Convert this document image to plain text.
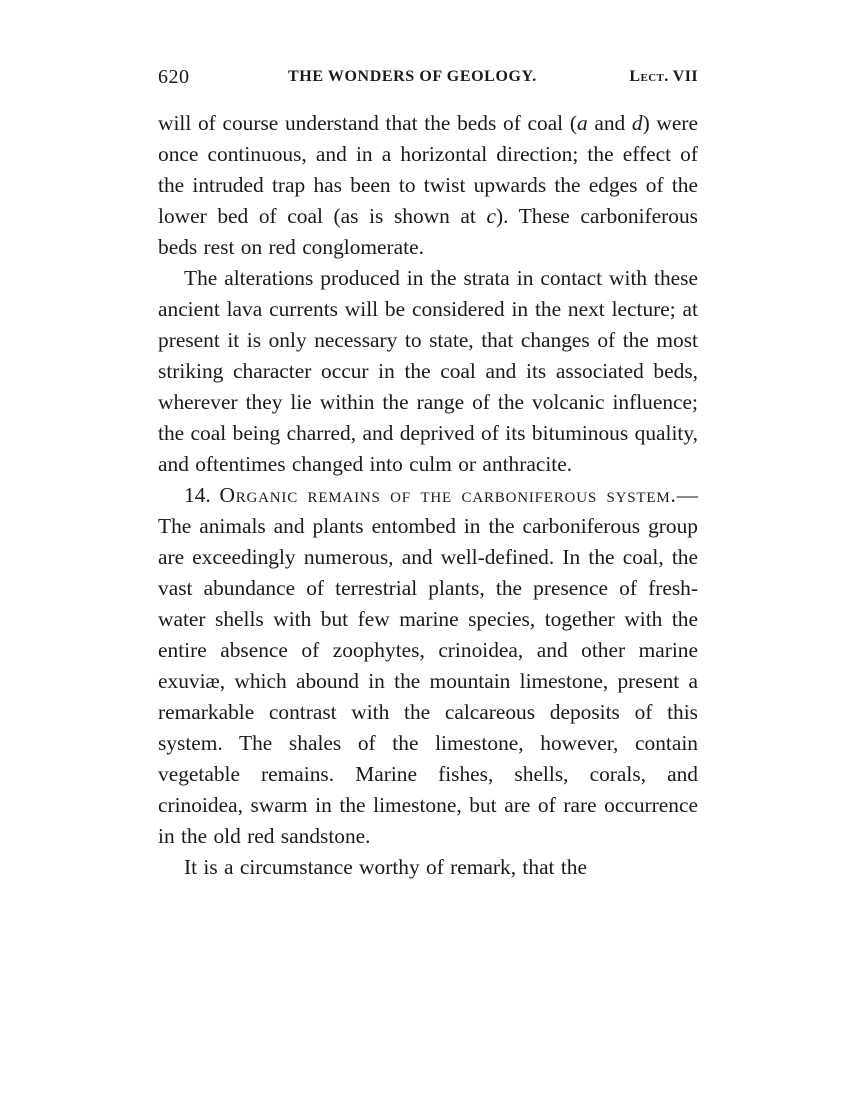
620	THE WONDERS OF GEOLOGY.	Lect. VII

will of course understand that the beds of coal (a and d) were once continuous, and in a horizontal direction; the effect of the intruded trap has been to twist upwards the edges of the lower bed of coal (as is shown at c). These carboniferous beds rest on red conglomerate.

The alterations produced in the strata in contact with these ancient lava currents will be considered in the next lecture; at present it is only necessary to state, that changes of the most striking character occur in the coal and its associated beds, wherever they lie within the range of the volcanic influence; the coal being charred, and deprived of its bituminous quality, and oftentimes changed into culm or anthracite.

14. Organic remains of the carboniferous system.—The animals and plants entombed in the carboniferous group are exceedingly numerous, and well-defined. In the coal, the vast abundance of terrestrial plants, the presence of fresh-water shells with but few marine species, together with the entire absence of zoophytes, crinoidea, and other marine exuviæ, which abound in the mountain limestone, present a remarkable contrast with the calcareous deposits of this system. The shales of the limestone, however, contain vegetable remains. Marine fishes, shells, corals, and crinoidea, swarm in the limestone, but are of rare occurrence in the old red sandstone.

It is a circumstance worthy of remark, that the
